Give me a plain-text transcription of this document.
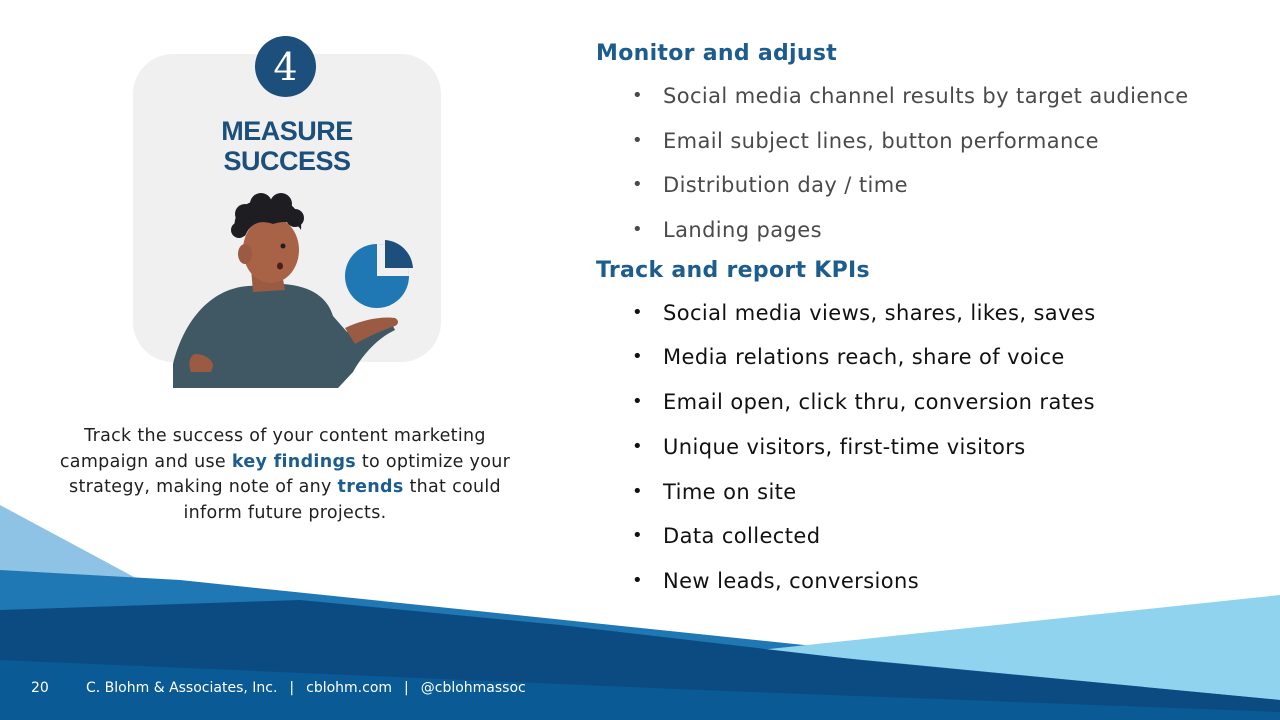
4
MEASURE
SUCCESS
Track the success of your content marketing campaign and use key findings to optimize your strategy, making note of any trends that could inform future projects.
Monitor and adjust
• Social media channel results by target audience
• Email subject lines, button performance
• Distribution day / time
• Landing pages
Track and report KPIs
• Social media views, shares, likes, saves
• Media relations reach, share of voice
• Email open, click thru, conversion rates
• Unique visitors, first-time visitors
• Time on site
• Data collected
• New leads, conversions
20	C. Blohm & Associates, Inc. | cblohm.com | @cblohmassoc
